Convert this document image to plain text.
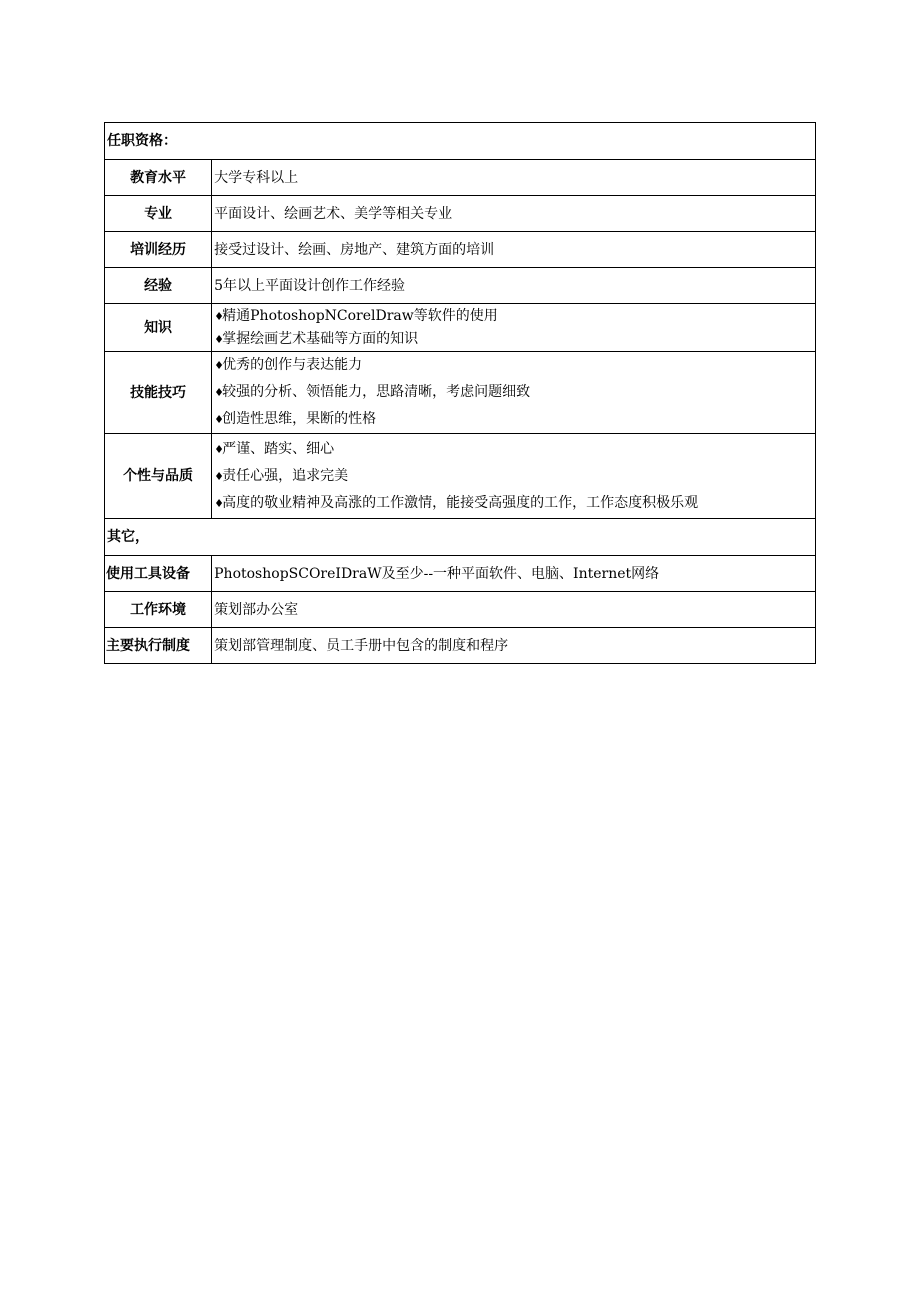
任职资格：	
教育水平	大学专科以上
专业	平面设计、绘画艺术、美学等相关专业
培训经历	接受过设计、绘画、房地产、建筑方面的培训
经验	5年以上平面设计创作工作经验
知识	♦精通PhotoshopNCorelDraw等软件的使用
♦掌握绘画艺术基础等方面的知识

技能技巧	♦优秀的创作与表达能力
♦较强的分析、领悟能力，思路清晰，考虑问题细致
♦创造性思维，果断的性格

个性与品质	♦严谨、踏实、细心
♦责任心强，追求完美
♦高度的敬业精神及高涨的工作激情，能接受高强度的工作，工作态度积极乐观

其它，	
使用工具设备	PhotoshopSCOreIDraW及至少--一种平面软件、电脑、Internet网络
工作环境	策划部办公室
主要执行制度	策划部管理制度、员工手册中包含的制度和程序
